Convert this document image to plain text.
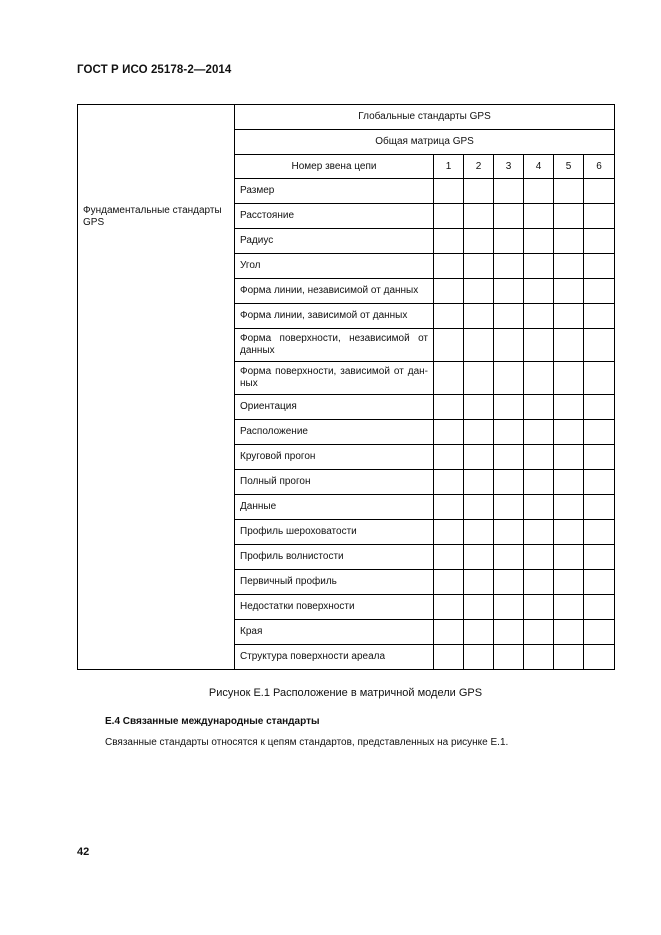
ГОСТ Р ИСО 25178-2—2014
Фундаментальные стандарты GPS	Глобальные стандарты GPS						
	Общая матрица GPS						
	Номер звена цепи	1	2	3	4	5	6
	Размер						
	Расстояние						
	Радиус						
	Угол						
	Форма линии, независимой от данных						
	Форма линии, зависимой от данных						
	Форма поверхности, независимой от данных						
	Форма поверхности, зависимой от дан-ных						
	Ориентация						
	Расположение						
	Круговой прогон						
	Полный прогон						
	Данные						
	Профиль шероховатости						
	Профиль волнистости						
	Первичный профиль						
	Недостатки поверхности						
	Края						
	Структура поверхности ареала						
Рисунок Е.1 Расположение в матричной модели GPS
Е.4 Связанные международные стандарты
Связанные стандарты относятся к цепям стандартов, представленных на рисунке Е.1.
42
